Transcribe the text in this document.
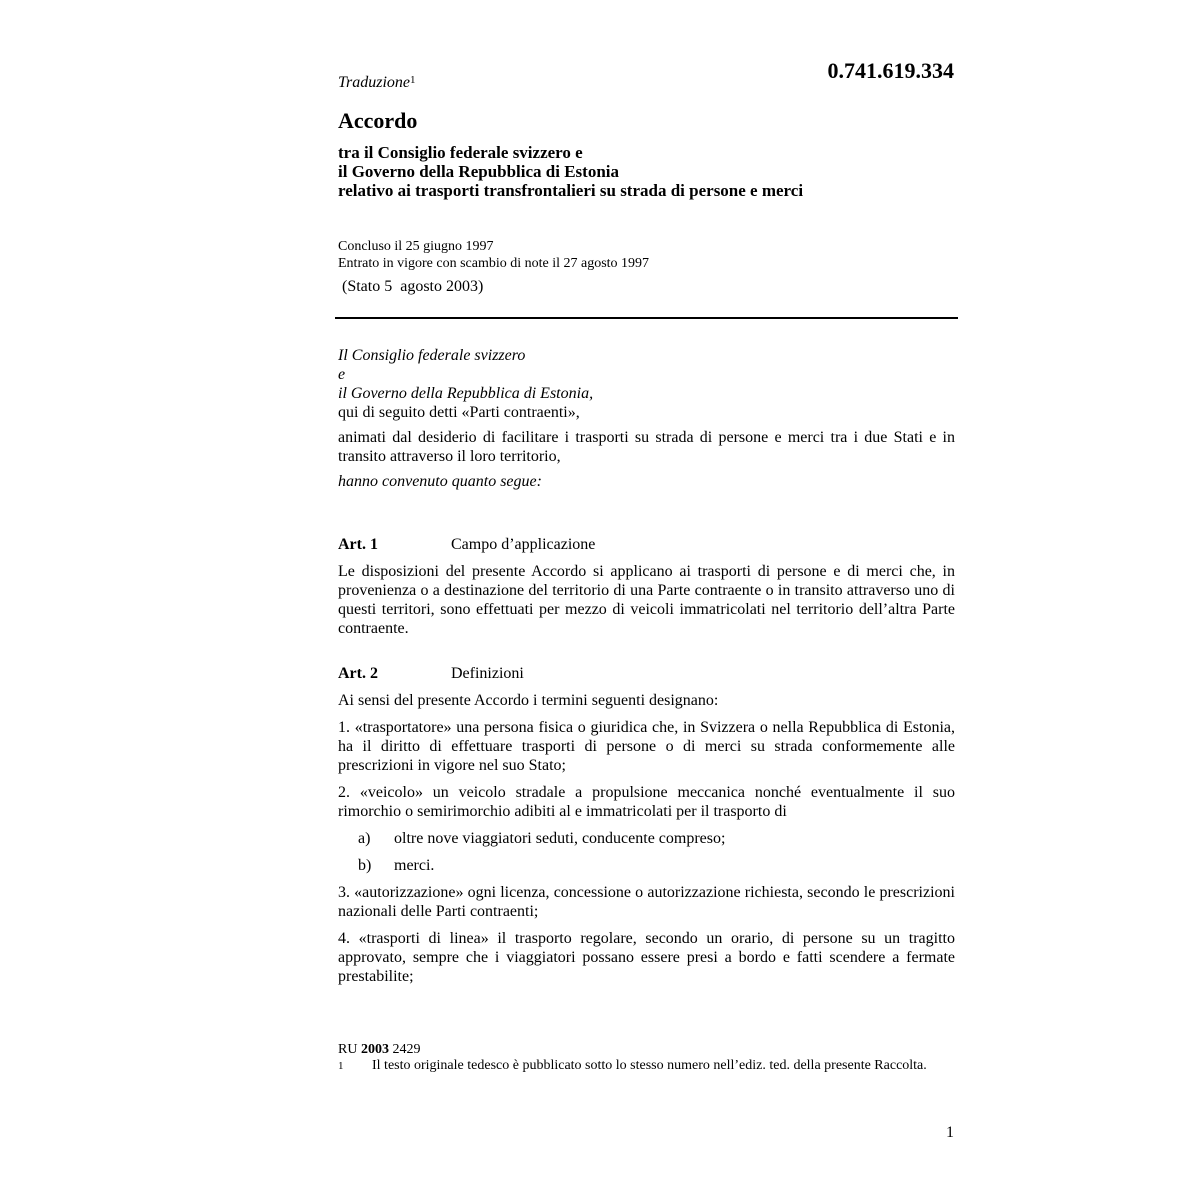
0.741.619.334
Traduzione$^1$
Accordo
tra il Consiglio federale svizzero e
il Governo della Repubblica di Estonia
relativo ai trasporti transfrontalieri su strada di persone e merci
Concluso il 25 giugno 1997
Entrato in vigore con scambio di note il 27 agosto 1997
(Stato 5  agosto 2003)

Il Consiglio federale svizzero

e

il Governo della Repubblica di Estonia,

qui di seguito detti «Parti contraenti»,

animati dal desiderio di facilitare i trasporti su strada di persone e merci tra i due Stati e in transito attraverso il loro territorio,

hanno convenuto quanto segue:

Art. 1	Campo d’applicazione

Le disposizioni del presente Accordo si applicano ai trasporti di persone e di merci che, in provenienza o a destinazione del territorio di una Parte contraente o in transito attraverso uno di questi territori, sono effettuati per mezzo di veicoli immatricolati nel territorio dell’altra Parte contraente.

Art. 2	Definizioni

Ai sensi del presente Accordo i termini seguenti designano:

1. «trasportatore» una persona fisica o giuridica che, in Svizzera o nella Repubblica di Estonia, ha il diritto di effettuare trasporti di persone o di merci su strada conformemente alle prescrizioni in vigore nel suo Stato;

2. «veicolo» un veicolo stradale a propulsione meccanica nonché eventualmente il suo rimorchio o semirimorchio adibiti al e immatricolati per il trasporto di

a)	oltre nove viaggiatori seduti, conducente compreso;
b)	merci.

3. «autorizzazione» ogni licenza, concessione o autorizzazione richiesta, secondo le prescrizioni nazionali delle Parti contraenti;

4. «trasporti di linea» il trasporto regolare, secondo un orario, di persone su un tragitto approvato, sempre che i viaggiatori possano essere presi a bordo e fatti scendere a fermate prestabilite;

RU 2003 2429

1	Il testo originale tedesco è pubblicato sotto lo stesso numero nell’ediz. ted. della presente Raccolta.
1
